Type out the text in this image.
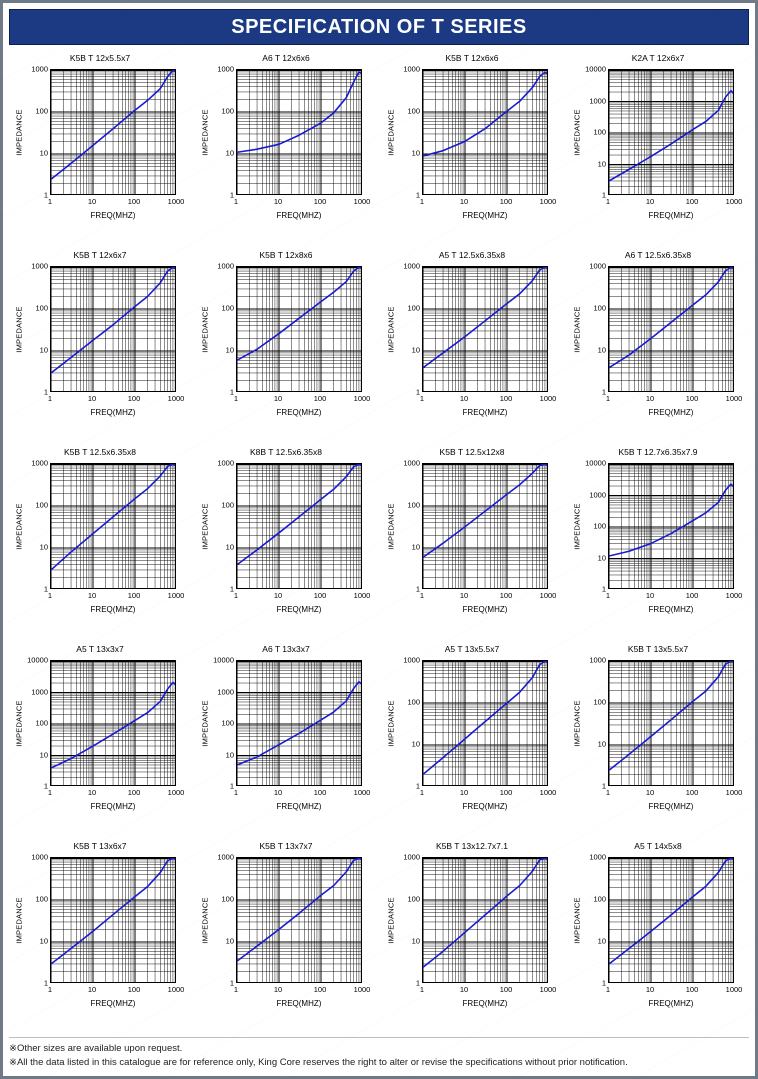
SPECIFICATION OF T SERIES
K5B T 12x5.5x7
IMPEDANCE
1
10
100
1000
1	10	100	1000
FREQ(MHZ)
A6 T 12x6x6
IMPEDANCE
1
10
100
1000
1	10	100	1000
FREQ(MHZ)
K5B T 12x6x6
IMPEDANCE
1
10
100
1000
1	10	100	1000
FREQ(MHZ)
K2A T 12x6x7
IMPEDANCE
1
10
100
1000
10000
1	10	100	1000
FREQ(MHZ)
K5B T 12x6x7
IMPEDANCE
1
10
100
1000
1	10	100	1000
FREQ(MHZ)
K5B T 12x8x6
IMPEDANCE
1
10
100
1000
1	10	100	1000
FREQ(MHZ)
A5 T 12.5x6.35x8
IMPEDANCE
1
10
100
1000
1	10	100	1000
FREQ(MHZ)
A6 T 12.5x6.35x8
IMPEDANCE
1
10
100
1000
1	10	100	1000
FREQ(MHZ)
K5B T 12.5x6.35x8
IMPEDANCE
1
10
100
1000
1	10	100	1000
FREQ(MHZ)
K8B T 12.5x6.35x8
IMPEDANCE
1
10
100
1000
1	10	100	1000
FREQ(MHZ)
K5B T 12.5x12x8
IMPEDANCE
1
10
100
1000
1	10	100	1000
FREQ(MHZ)
K5B T 12.7x6.35x7.9
IMPEDANCE
1
10
100
1000
10000
1	10	100	1000
FREQ(MHZ)
A5 T 13x3x7
IMPEDANCE
1
10
100
1000
10000
1	10	100	1000
FREQ(MHZ)
A6 T 13x3x7
IMPEDANCE
1
10
100
1000
10000
1	10	100	1000
FREQ(MHZ)
A5 T 13x5.5x7
IMPEDANCE
1
10
100
1000
1	10	100	1000
FREQ(MHZ)
K5B T 13x5.5x7
IMPEDANCE
1
10
100
1000
1	10	100	1000
FREQ(MHZ)
K5B T 13x6x7
IMPEDANCE
1
10
100
1000
1	10	100	1000
FREQ(MHZ)
K5B T 13x7x7
IMPEDANCE
1
10
100
1000
1	10	100	1000
FREQ(MHZ)
K5B T 13x12.7x7.1
IMPEDANCE
1
10
100
1000
1	10	100	1000
FREQ(MHZ)
A5 T 14x5x8
IMPEDANCE
1
10
100
1000
1	10	100	1000
FREQ(MHZ)
※Other sizes are available upon request.
※All the data listed in this catalogue are for reference only, King Core reserves the right to alter or revise the specifications without prior notification.
